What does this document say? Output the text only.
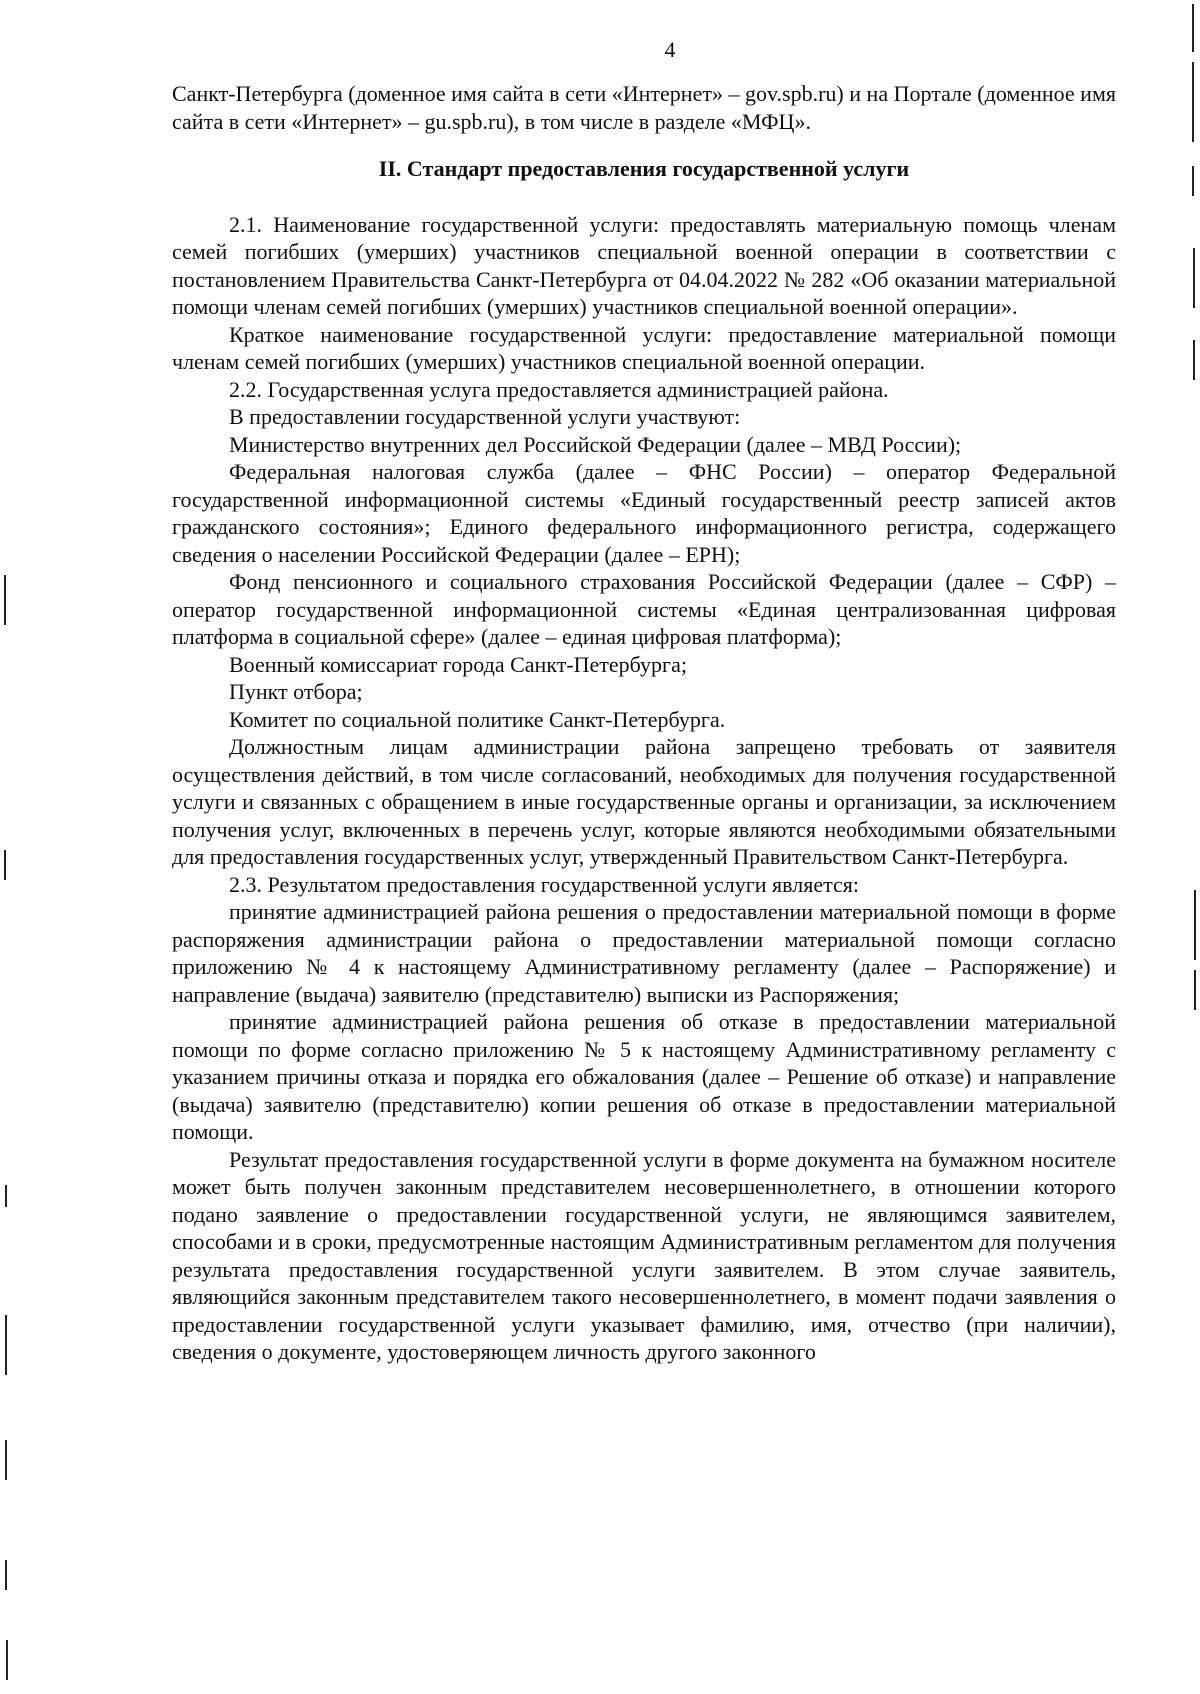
4

Санкт-Петербурга (доменное имя сайта в сети «Интернет» – gov.spb.ru) и на Портале (доменное имя сайта в сети «Интернет» – gu.spb.ru), в том числе в разделе «МФЦ».

II. Стандарт предоставления государственной услуги

2.1. Наименование государственной услуги: предоставлять материальную помощь членам семей погибших (умерших) участников специальной военной операции в соответствии с постановлением Правительства Санкт-Петербурга от 04.04.2022 № 282 «Об оказании материальной помощи членам семей погибших (умерших) участников специальной военной операции».

Краткое наименование государственной услуги: предоставление материальной помощи членам семей погибших (умерших) участников специальной военной операции.

2.2. Государственная услуга предоставляется администрацией района.

В предоставлении государственной услуги участвуют:

Министерство внутренних дел Российской Федерации (далее – МВД России);

Федеральная налоговая служба (далее – ФНС России) – оператор Федеральной государственной информационной системы «Единый государственный реестр записей актов гражданского состояния»; Единого федерального информационного регистра, содержащего сведения о населении Российской Федерации (далее – ЕРН);

Фонд пенсионного и социального страхования Российской Федерации (далее – СФР) – оператор государственной информационной системы «Единая централизованная цифровая платформа в социальной сфере» (далее – единая цифровая платформа);

Военный комиссариат города Санкт-Петербурга;

Пункт отбора;

Комитет по социальной политике Санкт-Петербурга.

Должностным лицам администрации района запрещено требовать от заявителя осуществления действий, в том числе согласований, необходимых для получения государственной услуги и связанных с обращением в иные государственные органы и организации, за исключением получения услуг, включенных в перечень услуг, которые являются необходимыми обязательными для предоставления государственных услуг, утвержденный Правительством Санкт-Петербурга.

2.3. Результатом предоставления государственной услуги является:

принятие администрацией района решения о предоставлении материальной помощи в форме распоряжения администрации района о предоставлении материальной помощи согласно приложению № 4 к настоящему Административному регламенту (далее – Распоряжение) и направление (выдача) заявителю (представителю) выписки из Распоряжения;

принятие администрацией района решения об отказе в предоставлении материальной помощи по форме согласно приложению № 5 к настоящему Административному регламенту с указанием причины отказа и порядка его обжалования (далее – Решение об отказе) и направление (выдача) заявителю (представителю) копии решения об отказе в предоставлении материальной помощи.

Результат предоставления государственной услуги в форме документа на бумажном носителе может быть получен законным представителем несовершеннолетнего, в отношении которого подано заявление о предоставлении государственной услуги, не являющимся заявителем, способами и в сроки, предусмотренные настоящим Административным регламентом для получения результата предоставления государственной услуги заявителем. В этом случае заявитель, являющийся законным представителем такого несовершеннолетнего, в момент подачи заявления о предоставлении государственной услуги указывает фамилию, имя, отчество (при наличии), сведения о документе, удостоверяющем личность другого законного
